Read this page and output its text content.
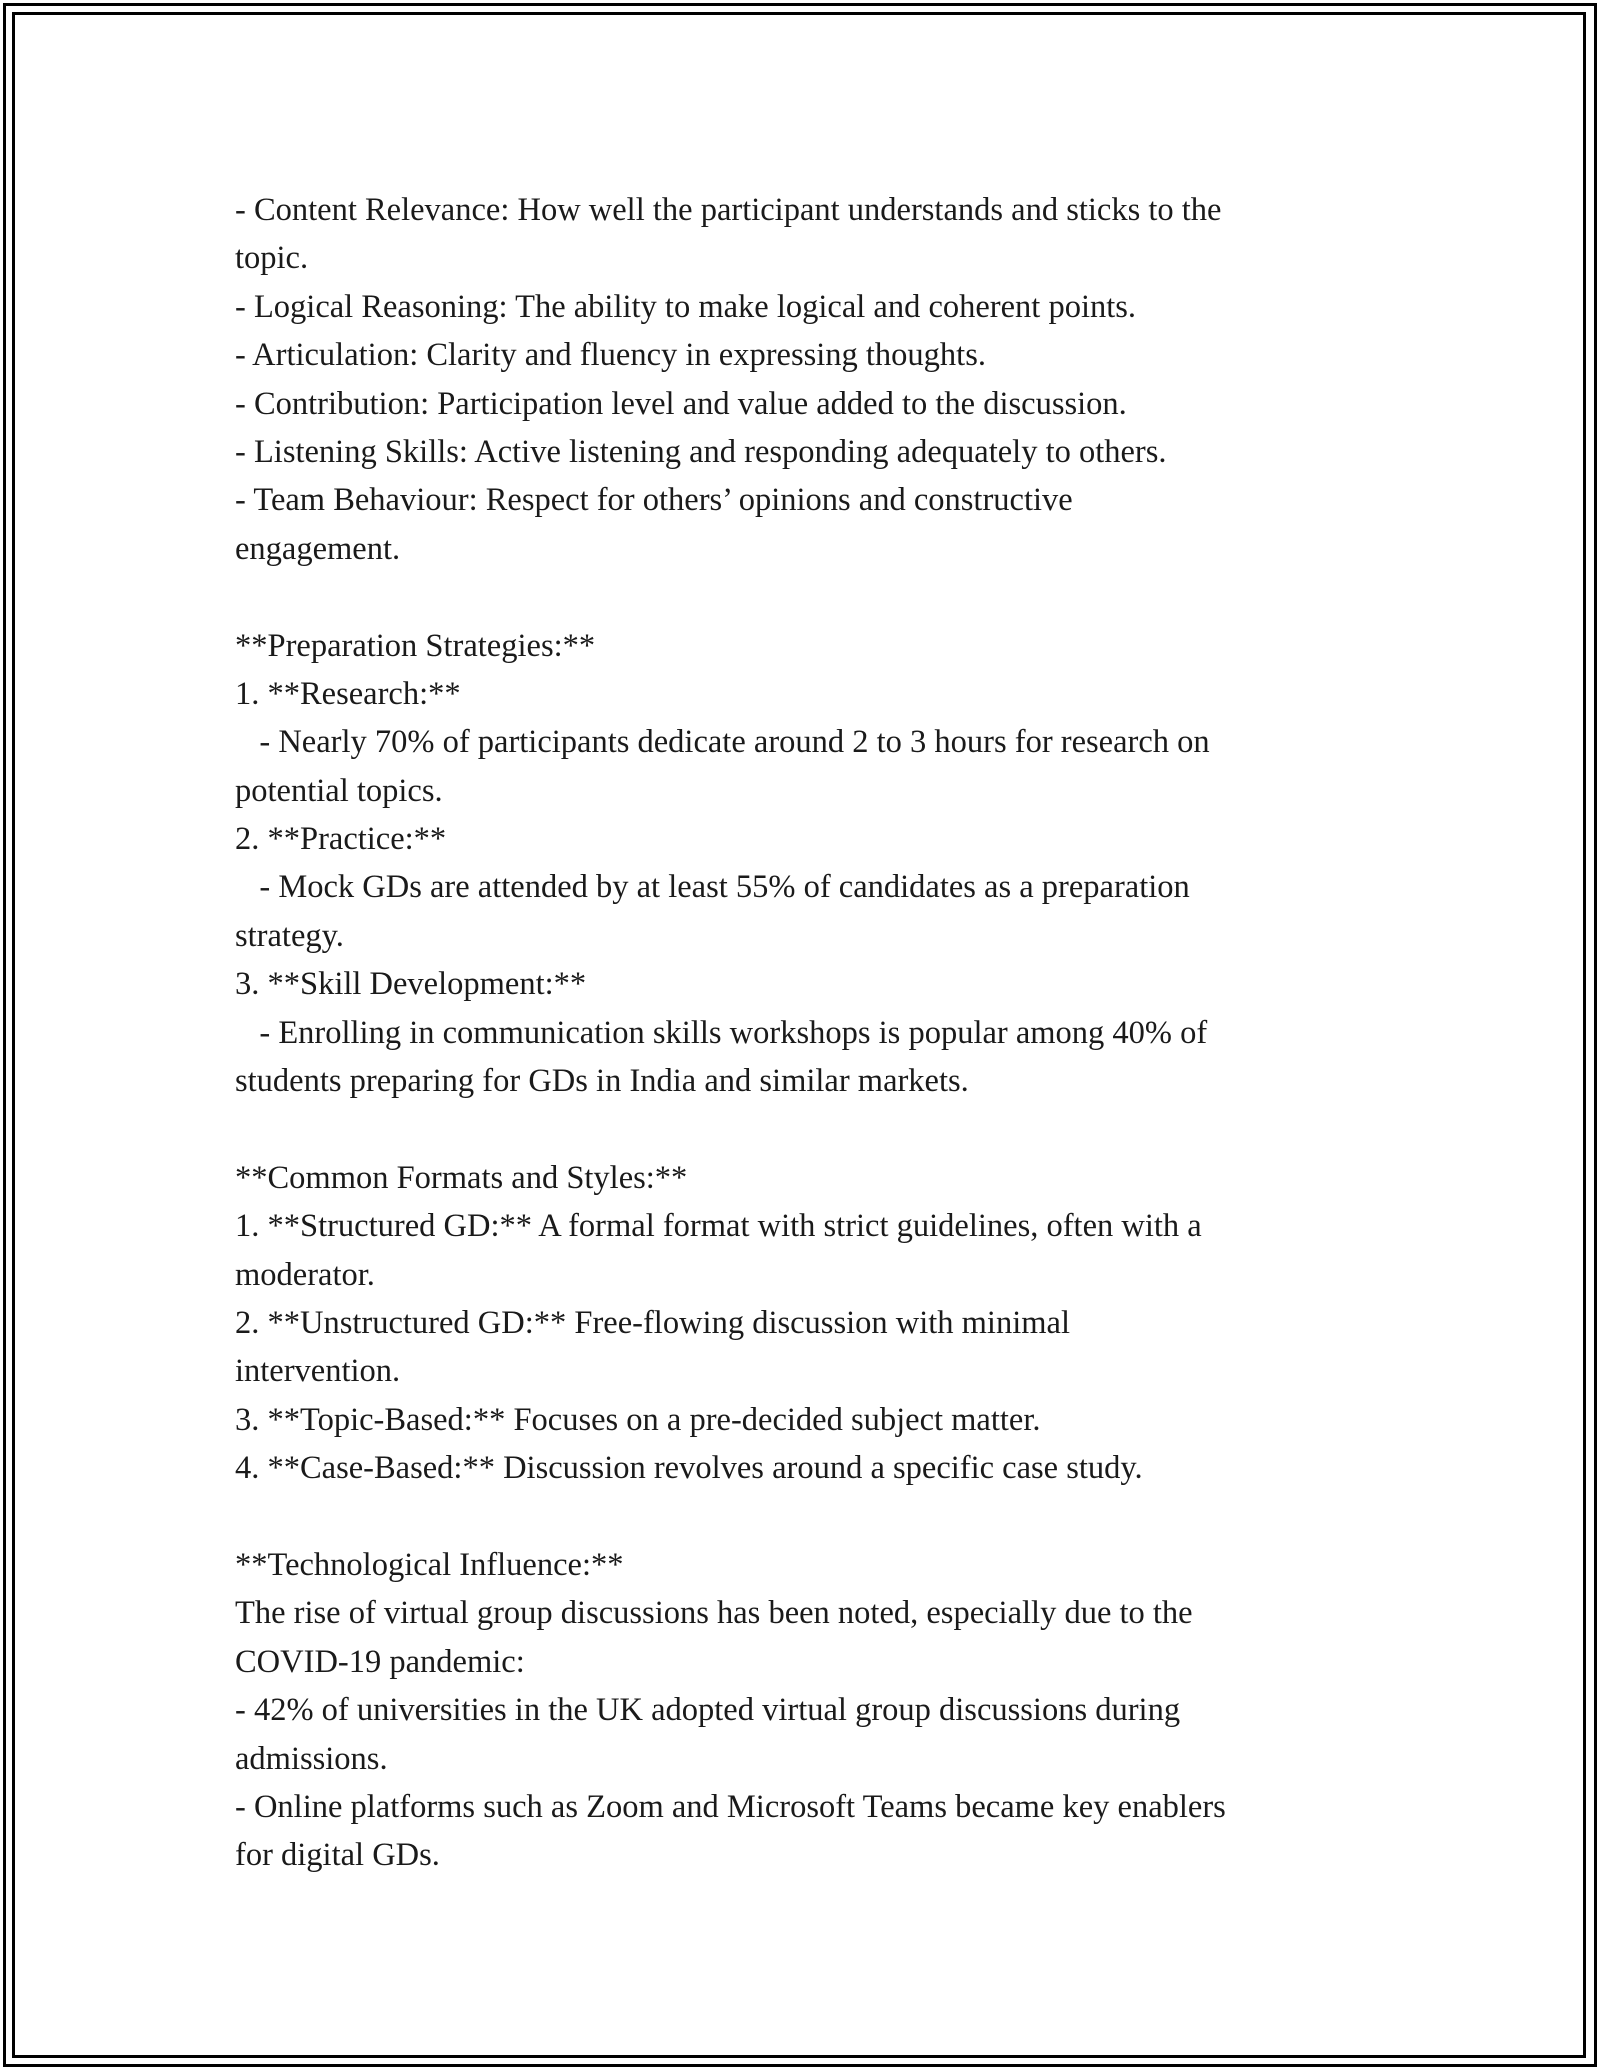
- Content Relevance: How well the participant understands and sticks to the
topic.
- Logical Reasoning: The ability to make logical and coherent points.
- Articulation: Clarity and fluency in expressing thoughts.
- Contribution: Participation level and value added to the discussion.
- Listening Skills: Active listening and responding adequately to others.
- Team Behaviour: Respect for others’ opinions and constructive
engagement.
**Preparation Strategies:**
1. **Research:**
- Nearly 70% of participants dedicate around 2 to 3 hours for research on
potential topics.
2. **Practice:**
- Mock GDs are attended by at least 55% of candidates as a preparation
strategy.
3. **Skill Development:**
- Enrolling in communication skills workshops is popular among 40% of
students preparing for GDs in India and similar markets.
**Common Formats and Styles:**
1. **Structured GD:** A formal format with strict guidelines, often with a
moderator.
2. **Unstructured GD:** Free-flowing discussion with minimal
intervention.
3. **Topic-Based:** Focuses on a pre-decided subject matter.
4. **Case-Based:** Discussion revolves around a specific case study.
**Technological Influence:**
The rise of virtual group discussions has been noted, especially due to the
COVID-19 pandemic:
- 42% of universities in the UK adopted virtual group discussions during
admissions.
- Online platforms such as Zoom and Microsoft Teams became key enablers
for digital GDs.
